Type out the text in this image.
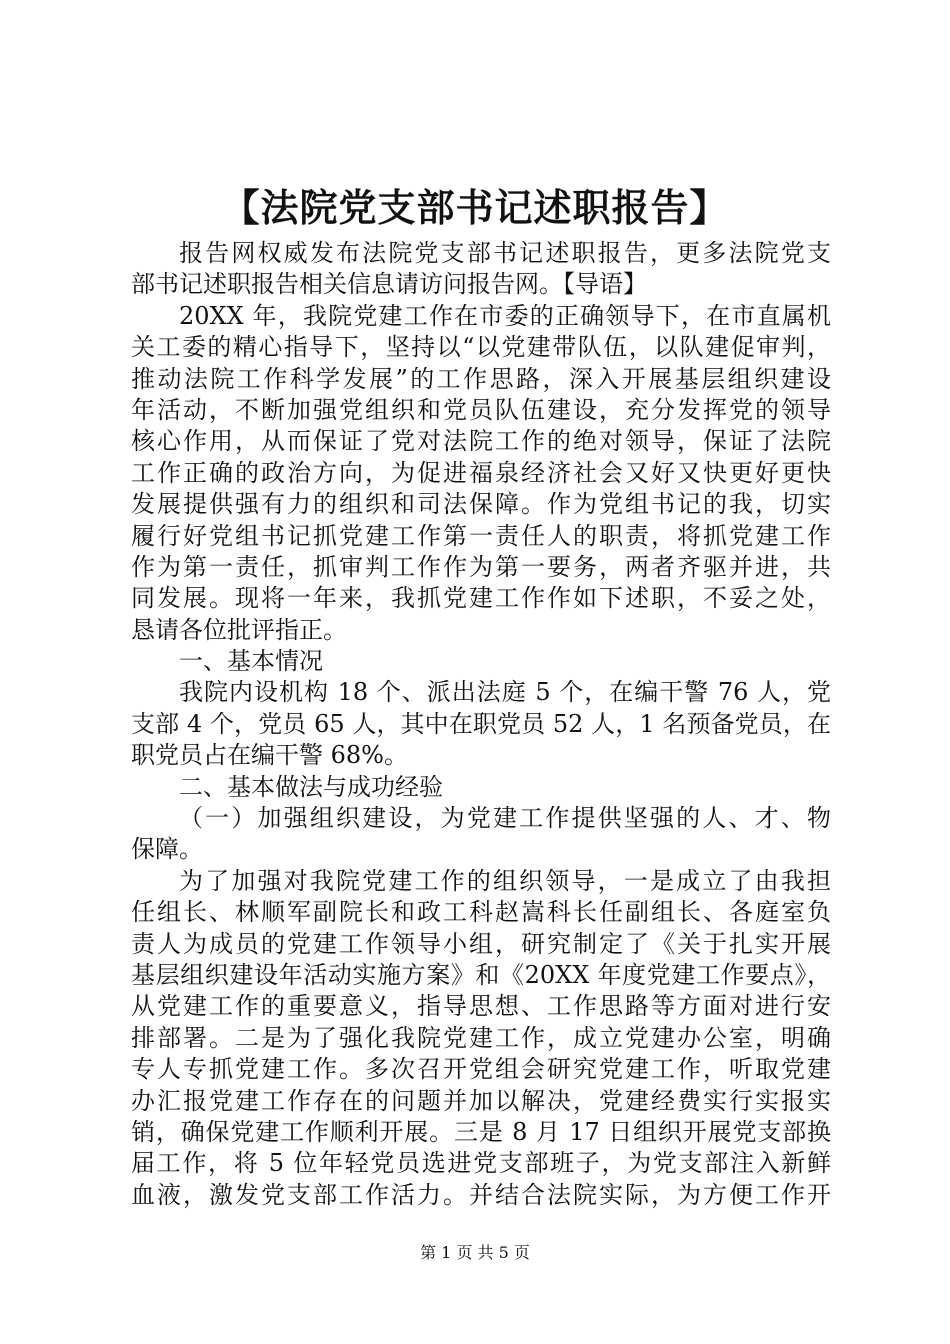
【法院党支部书记述职报告】
报告网权威发布法院党支部书记述职报告，更多法院党支
部书记述职报告相关信息请访问报告网。【导语】
20XX 年，我院党建工作在市委的正确领导下，在市直属机
关工委的精心指导下，坚持以“以党建带队伍，以队建促审判，
推动法院工作科学发展”的工作思路，深入开展基层组织建设
年活动，不断加强党组织和党员队伍建设，充分发挥党的领导
核心作用，从而保证了党对法院工作的绝对领导，保证了法院
工作正确的政治方向，为促进福泉经济社会又好又快更好更快
发展提供强有力的组织和司法保障。作为党组书记的我，切实
履行好党组书记抓党建工作第一责任人的职责，将抓党建工作
作为第一责任，抓审判工作作为第一要务，两者齐驱并进，共
同发展。现将一年来，我抓党建工作作如下述职，不妥之处，
恳请各位批评指正。
一、基本情况
我院内设机构 18 个、派出法庭 5 个，在编干警 76 人，党
支部 4 个，党员 65 人，其中在职党员 52 人，1 名预备党员，在
职党员占在编干警 68%。
二、基本做法与成功经验
（一）加强组织建设，为党建工作提供坚强的人、才、物
保障。
为了加强对我院党建工作的组织领导，一是成立了由我担
任组长、林顺军副院长和政工科赵嵩科长任副组长、各庭室负
责人为成员的党建工作领导小组，研究制定了《关于扎实开展
基层组织建设年活动实施方案》和《20XX 年度党建工作要点》，
从党建工作的重要意义，指导思想、工作思路等方面对进行安
排部署。二是为了强化我院党建工作，成立党建办公室，明确
专人专抓党建工作。多次召开党组会研究党建工作，听取党建
办汇报党建工作存在的问题并加以解决，党建经费实行实报实
销，确保党建工作顺利开展。三是 8 月 17 日组织开展党支部换
届工作，将 5 位年轻党员选进党支部班子，为党支部注入新鲜
血液，激发党支部工作活力。并结合法院实际，为方便工作开
第 1 页 共 5 页
